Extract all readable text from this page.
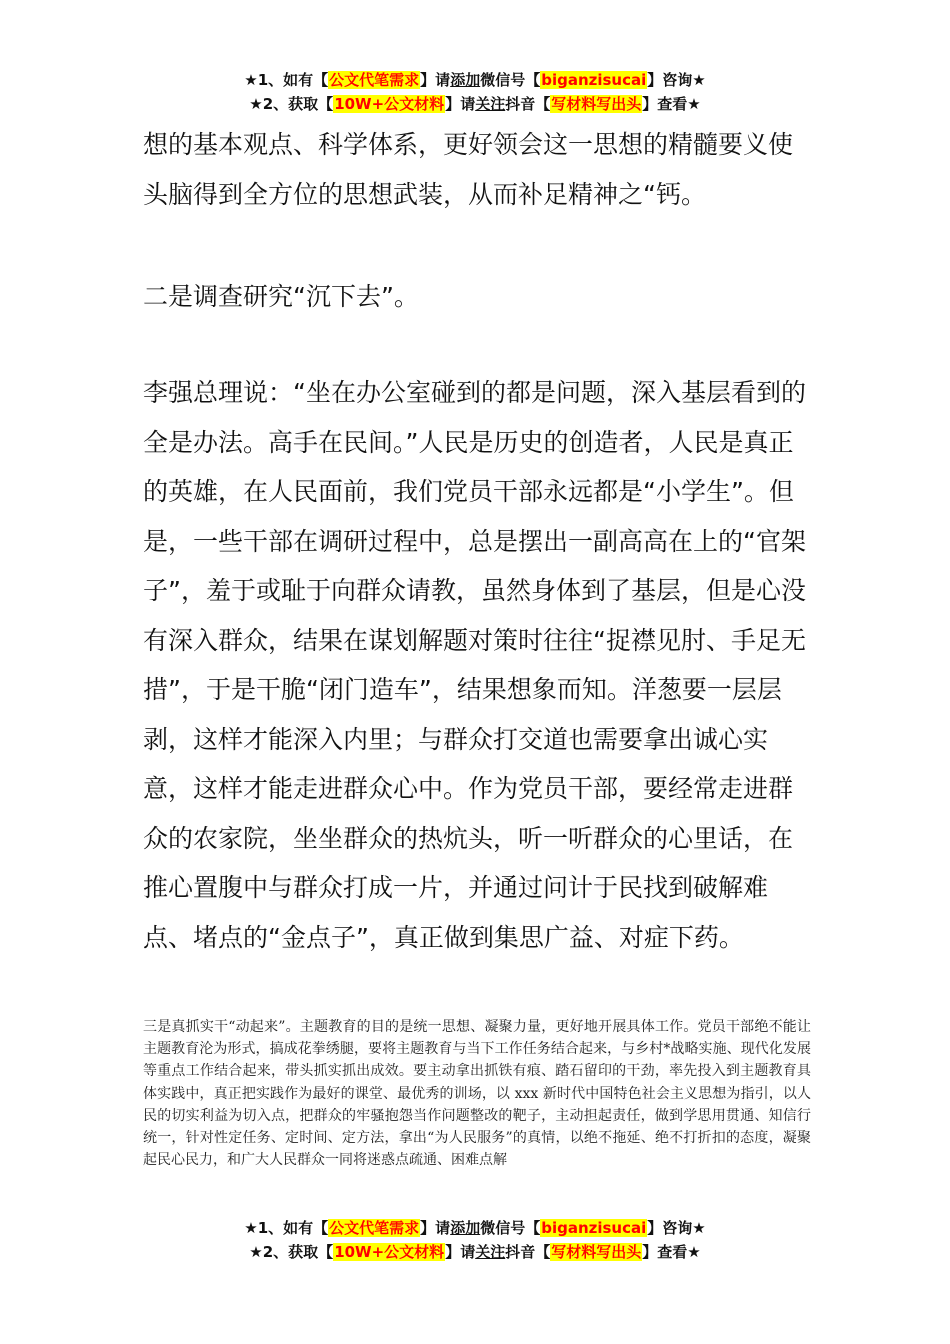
★1、如有【公文代笔需求】请添加微信号【biganzisucai】咨询★
★2、获取【10W+公文材料】请关注抖音【写材料写出头】查看★

想的基本观点、科学体系，更好领会这一思想的精髓要义使头脑得到全方位的思想武装，从而补足精神之“钙。

二是调查研究“沉下去”。

李强总理说：“坐在办公室碰到的都是问题，深入基层看到的全是办法。高手在民间。”人民是历史的创造者，人民是真正的英雄，在人民面前，我们党员干部永远都是“小学生”。但是，一些干部在调研过程中，总是摆出一副高高在上的“官架子”，羞于或耻于向群众请教，虽然身体到了基层，但是心没有深入群众，结果在谋划解题对策时往往“捉襟见肘、手足无措”，于是干脆“闭门造车”，结果想象而知。洋葱要一层层剥，这样才能深入内里；与群众打交道也需要拿出诚心实意，这样才能走进群众心中。作为党员干部，要经常走进群众的农家院，坐坐群众的热炕头，听一听群众的心里话，在推心置腹中与群众打成一片，并通过问计于民找到破解难点、堵点的“金点子”，真正做到集思广益、对症下药。

三是真抓实干“动起来”。主题教育的目的是统一思想、凝聚力量，更好地开展具体工作。党员干部绝不能让主题教育沦为形式，搞成花拳绣腿，要将主题教育与当下工作任务结合起来，与乡村*战略实施、现代化发展等重点工作结合起来，带头抓实抓出成效。要主动拿出抓铁有痕、踏石留印的干劲，率先投入到主题教育具体实践中，真正把实践作为最好的课堂、最优秀的训场，以 xxx 新时代中国特色社会主义思想为指引，以人民的切实利益为切入点，把群众的牢骚抱怨当作问题整改的靶子，主动担起责任，做到学思用贯通、知信行统一，针对性定任务、定时间、定方法，拿出“为人民服务”的真情，以绝不拖延、绝不打折扣的态度，凝聚起民心民力，和广大人民群众一同将迷惑点疏通、困难点解

★1、如有【公文代笔需求】请添加微信号【biganzisucai】咨询★
★2、获取【10W+公文材料】请关注抖音【写材料写出头】查看★
